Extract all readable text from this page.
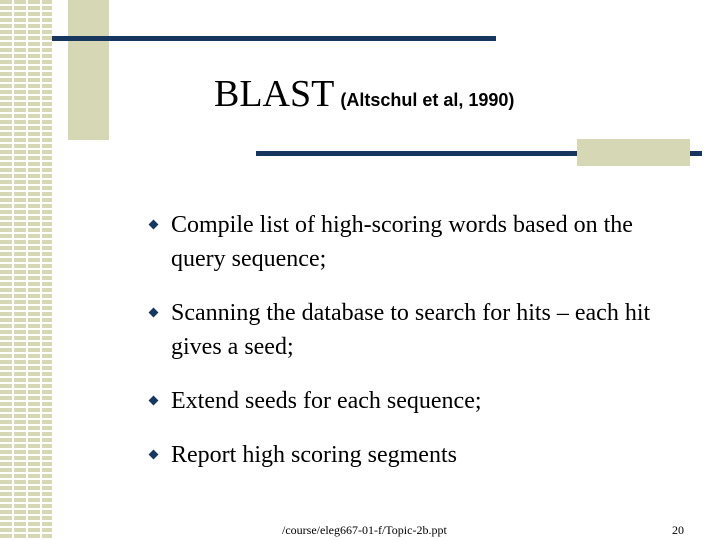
BLAST (Altschul et al, 1990)
Compile list of high-scoring words based on the query sequence;
Scanning the database to search for hits – each hit gives a seed;
Extend seeds for each sequence;
Report high scoring segments
/course/eleg667-01-f/Topic-2b.ppt	20
